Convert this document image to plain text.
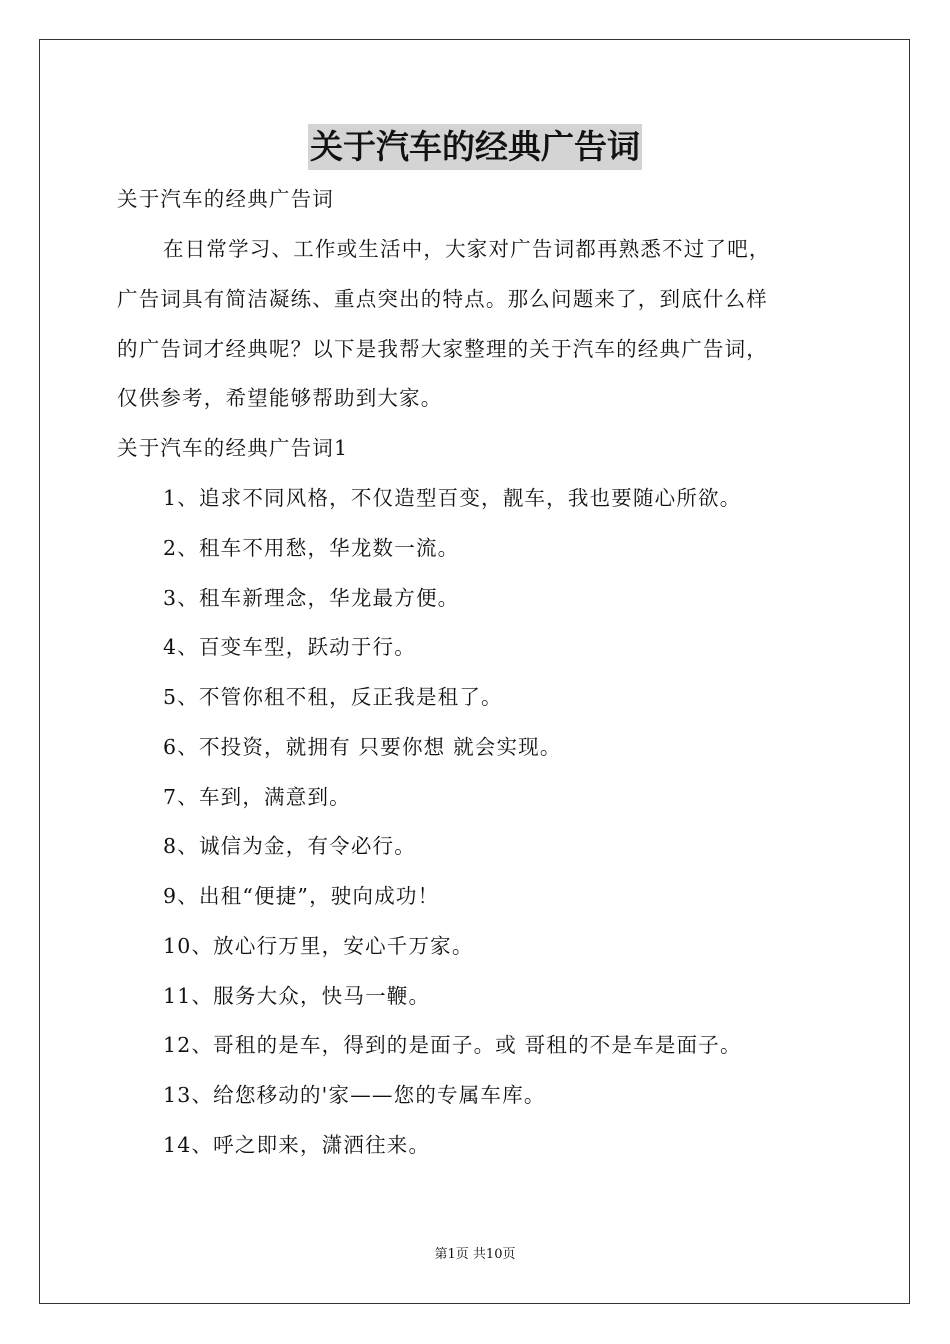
关于汽车的经典广告词
关于汽车的经典广告词
在日常学习、工作或生活中，大家对广告词都再熟悉不过了吧，
广告词具有简洁凝练、重点突出的特点。那么问题来了，到底什么样
的广告词才经典呢？以下是我帮大家整理的关于汽车的经典广告词，
仅供参考，希望能够帮助到大家。
关于汽车的经典广告词1
1、追求不同风格，不仅造型百变，靓车，我也要随心所欲。
2、租车不用愁，华龙数一流。
3、租车新理念，华龙最方便。
4、百变车型，跃动于行。
5、不管你租不租，反正我是租了。
6、不投资，就拥有 只要你想 就会实现。
7、车到，满意到。
8、诚信为金，有令必行。
9、出租“便捷”，驶向成功！
10、放心行万里，安心千万家。
11、服务大众，快马一鞭。
12、哥租的是车，得到的是面子。或 哥租的不是车是面子。
13、给您移动的'家——您的专属车库。
14、呼之即来，潇洒往来。
第1页 共10页
